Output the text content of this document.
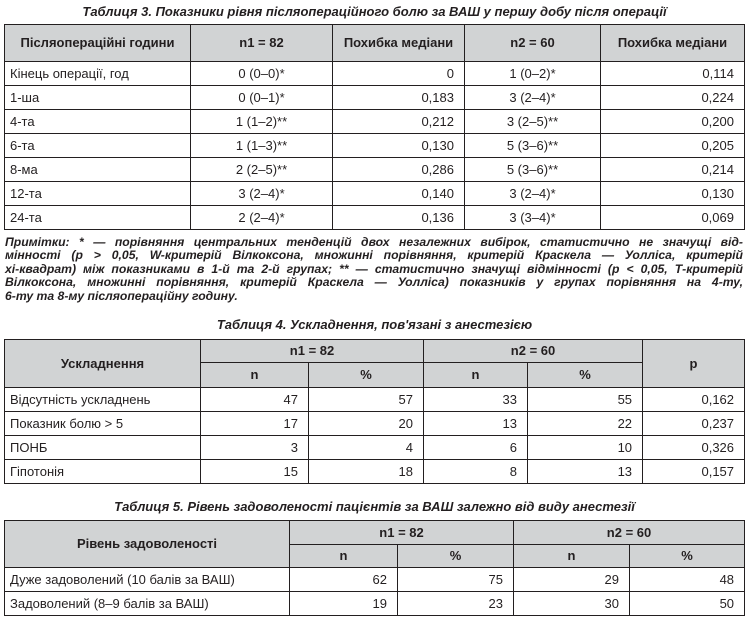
Таблиця 3. Показники рівня післяопераційного болю за ВАШ у першу добу після операції
Післяопераційні години	n1 = 82	Похибка медіани	n2 = 60	Похибка медіани
Кінець операції, год	0 (0–0)*	0	1 (0–2)*	0,114
1-ша	0 (0–1)*	0,183	3 (2–4)*	0,224
4-та	1 (1–2)**	0,212	3 (2–5)**	0,200
6-та	1 (1–3)**	0,130	5 (3–6)**	0,205
8-ма	2 (2–5)**	0,286	5 (3–6)**	0,214
12-та	3 (2–4)*	0,140	3 (2–4)*	0,130
24-та	2 (2–4)*	0,136	3 (3–4)*	0,069
Примітки: * — порівняння центральних тенденцій двох незалежних вибірок, статистично не значущі від-
мінності (р > 0,05, W-критерій Вілкоксона, множинні порівняння, критерій Краскела — Уолліса, критерій
хі-квадрат) між показниками в 1-й та 2-й групах; ** — статистично значущі відмінності (р < 0,05, Т-критерій
Вілкоксона, множинні порівняння, критерій Краскела — Уолліса) показників у групах порівняння на 4-ту,
6-ту та 8-му післяопераційну годину.
Таблиця 4. Ускладнення, пов'язані з анестезією
Ускладнення	n1 = 82		n2 = 60		р
	n	%	n	%	
Відсутність ускладнень	47	57	33	55	0,162
Показник болю > 5	17	20	13	22	0,237
ПОНБ	3	4	6	10	0,326
Гіпотонія	15	18	8	13	0,157
Таблиця 5. Рівень задоволеності пацієнтів за ВАШ залежно від виду анестезії
Рівень задоволеності	n1 = 82		n2 = 60	
	n	%	n	%
Дуже задоволений (10 балів за ВАШ)	62	75	29	48
Задоволений (8–9 балів за ВАШ)	19	23	30	50
